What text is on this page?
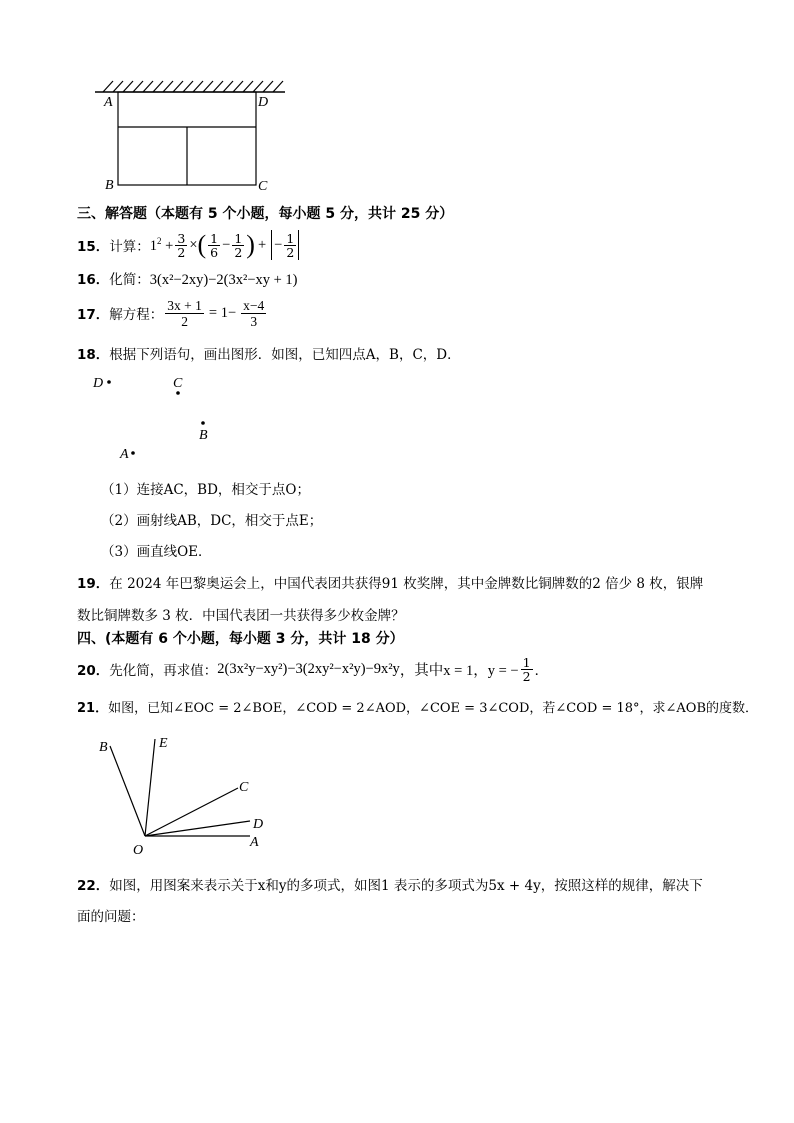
A	D
B	C
三、解答题（本题有 5 个小题，每小题 5 分，共计 25 分）
15． 计算： $1^2 + \frac{3}{2}$ × ( $\frac{1}{6} - \frac{1}{2}$ ) + − $\frac{1}{2}$
16．化简：3(x²−2xy)−2(3x²−xy + 1)
17． 解方程： $\frac{3x + 1}{2} = 1- \frac{x-4}{3}$
18．根据下列语句，画出图形．如图，已知四点A，B，C，D．
D	C
B
A
（1）连接AC，BD，相交于点O；
（2）画射线AB，DC，相交于点E；
（3）画直线OE．
19．在 2024 年巴黎奥运会上，中国代表团共获得91 枚奖牌，其中金牌数比铜牌数的2 倍少 8 枚，银牌
数比铜牌数多 3 枚．中国代表团一共获得多少枚金牌？
四、(本题有 6 个小题，每小题 3 分，共计 18 分）
20． 先化简，再求值： 2(3x²y−xy²)−3(2xy²−x²y)−9x²y ，其中x = 1，y = − $\frac{1}{2}$ ．
21．如图，已知∠EOC = 2∠BOE，∠COD = 2∠AOD，∠COE = 3∠COD，若∠COD = 18°，求∠AOB的度数．
B	E
C
D
A
O
22．如图，用图案来表示关于x和y的多项式，如图1 表示的多项式为5x + 4y，按照这样的规律，解决下
面的问题：
